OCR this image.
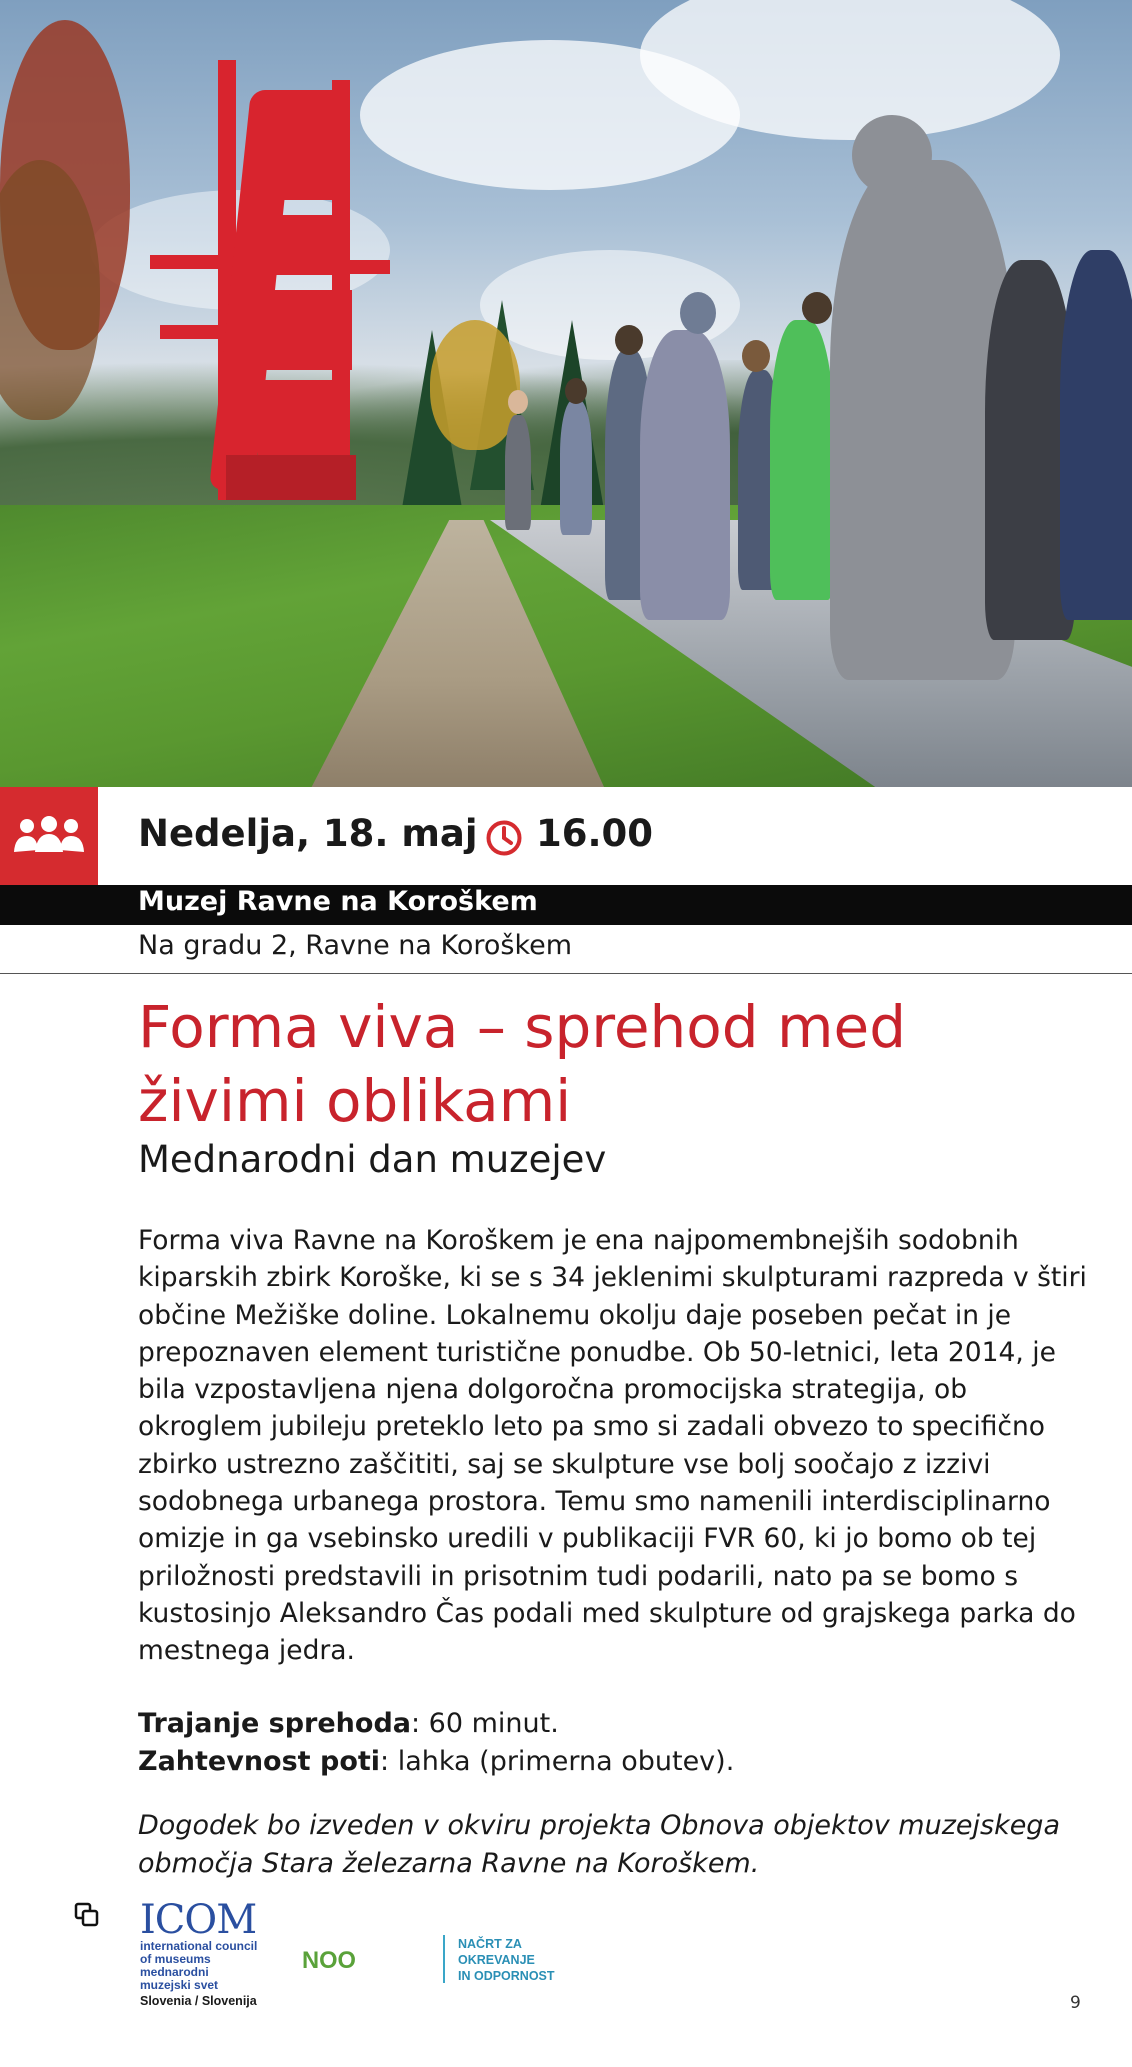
Nedelja, 18. maj 16.00
Muzej Ravne na Koroškem
Na gradu 2, Ravne na Koroškem
Forma viva – sprehod med živimi oblikami
Mednarodni dan muzejev

Forma viva Ravne na Koroškem je ena najpomembnejših sodobnih kiparskih zbirk Koroške, ki se s 34 jeklenimi skulpturami razpreda v štiri občine Mežiške doline. Lokalnemu okolju daje poseben pečat in je prepoznaven element turistične ponudbe. Ob 50-letnici, leta 2014, je bila vzpostavljena njena dolgoročna promocijska strategija, ob okroglem jubileju preteklo leto pa smo si zadali obvezo to specifično zbirko ustrezno zaščititi, saj se skulpture vse bolj soočajo z izzivi sodobnega urbanega prostora. Temu smo namenili interdisciplinarno omizje in ga vsebinsko uredili v publikaciji FVR 60, ki jo bomo ob tej priložnosti predstavili in prisotnim tudi podarili, nato pa se bomo s kustosinjo Aleksandro Čas podali med skulpture od grajskega parka do mestnega jedra.

Trajanje sprehoda: 60 minut.
Zahtevnost poti: lahka (primerna obutev).

Dogodek bo izveden v okviru projekta Obnova objektov muzejskega območja Stara železarna Ravne na Koroškem.

ICOM
international council
of museums
mednarodni
muzejski svet
Slovenia / Slovenija
NOO
NAČRT ZA
OKREVANJE
IN ODPORNOST
9
